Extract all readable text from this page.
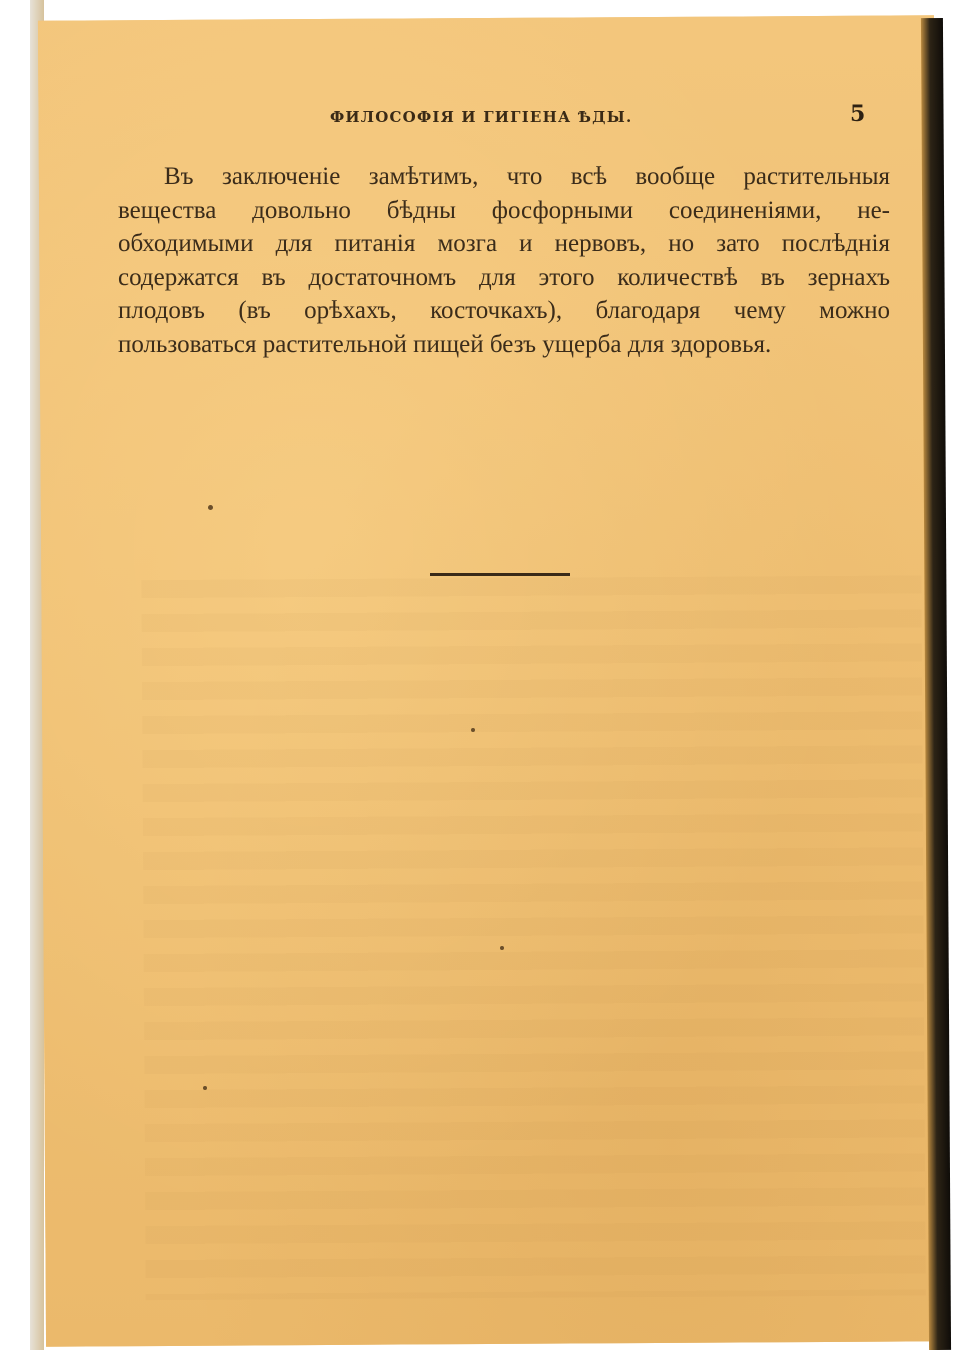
ФИЛОСОФІЯ И ГИГІЕНА ѢДЫ.	5
Въ заключеніе замѣтимъ, что всѣ вообще растительныя
вещества довольно бѣдны фосфорными соединеніями, не-
обходимыми для питанія мозга и нервовъ, но зато послѣднія
содержатся въ достаточномъ для этого количествѣ въ зернахъ
плодовъ (въ орѣхахъ, косточкахъ), благодаря чему можно
пользоваться растительной пищей безъ ущерба для здоровья.
